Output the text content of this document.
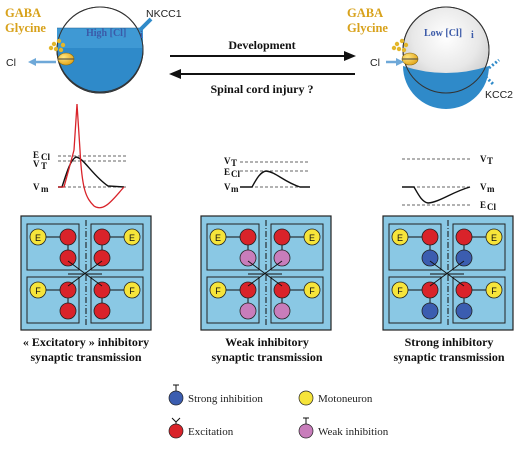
GABA
Glycine	High [Cl] i
Cl
NKCC1
Development
Spinal cord injury ?
GABA
Glycine	Low [Cl] i
Cl
KCC2
E Cl
V T
V m
V T
E Cl
V m
V T
V m
E Cl
E	E
F	F
E	E
F	F
E	E
F	F
« Excitatory » inhibitory
synaptic transmission
Weak inhibitory
synaptic transmission
Strong inhibitory
synaptic transmission
Strong inhibition	Motoneuron
Excitation	Weak inhibition
